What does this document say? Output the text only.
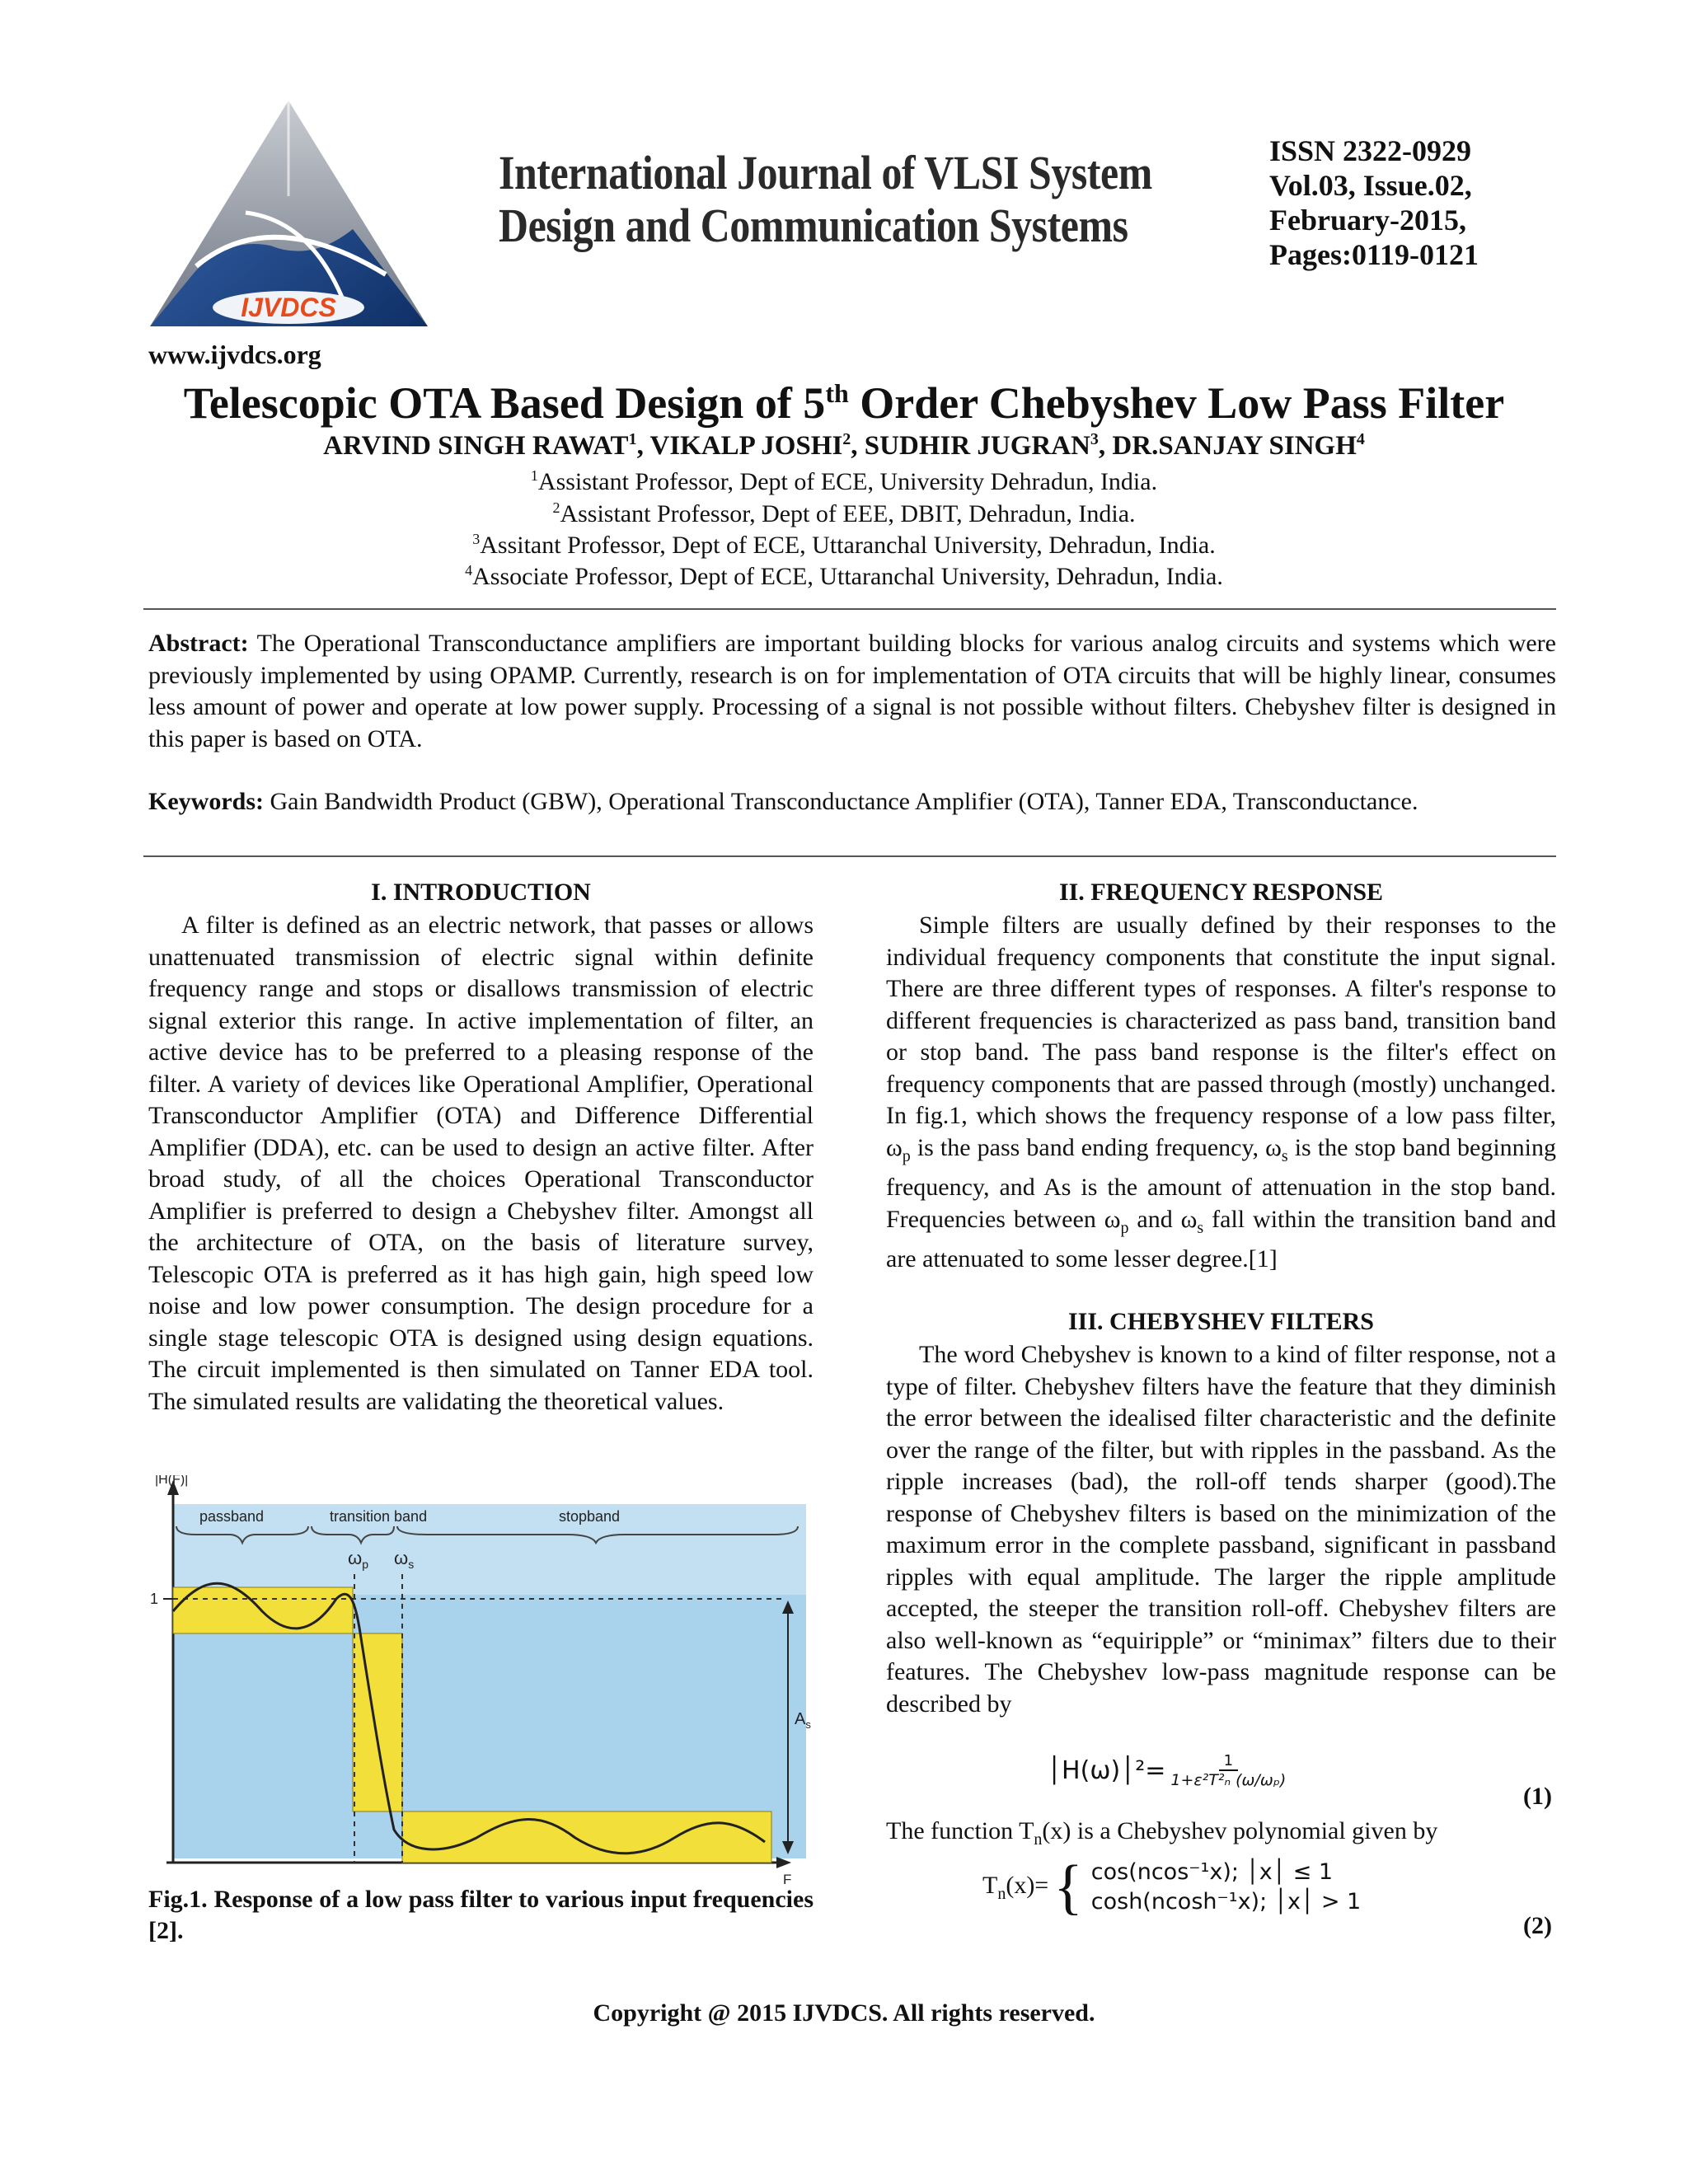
IJVDCS
International Journal of VLSI System
Design and Communication Systems
ISSN 2322-0929
Vol.03, Issue.02,
February-2015,
Pages:0119-0121
www.ijvdcs.org
Telescopic OTA Based Design of 5th Order Chebyshev Low Pass Filter
ARVIND SINGH RAWAT$^1$, VIKALP JOSHI$^2$, SUDHIR JUGRAN$^3$, DR.SANJAY SINGH$^4$
$^1$Assistant Professor, Dept of ECE, University Dehradun, India.
$^2$Assistant Professor, Dept of EEE, DBIT, Dehradun, India.
$^3$Assitant Professor, Dept of ECE, Uttaranchal University, Dehradun, India.
$^4$Associate Professor, Dept of ECE, Uttaranchal University, Dehradun, India.
Abstract: The Operational Transconductance amplifiers are important building blocks for various analog circuits and systems which were previously implemented by using OPAMP. Currently, research is on for implementation of OTA circuits that will be highly linear, consumes less amount of power and operate at low power supply. Processing of a signal is not possible without filters. Chebyshev filter is designed in this paper is based on OTA.
Keywords: Gain Bandwidth Product (GBW), Operational Transconductance Amplifier (OTA), Tanner EDA, Transconductance.
I. INTRODUCTION
A filter is defined as an electric network, that passes or allows unattenuated transmission of electric signal within definite frequency range and stops or disallows transmission of electric signal exterior this range. In active implementation of filter, an active device has to be preferred to a pleasing response of the filter. A variety of devices like Operational Amplifier, Operational Transconductor Amplifier (OTA) and Difference Differential Amplifier (DDA), etc. can be used to design an active filter. After broad study, of all the choices Operational Transconductor Amplifier is preferred to design a Chebyshev filter. Amongst all the architecture of OTA, on the basis of literature survey, Telescopic OTA is preferred as it has high gain, high speed low noise and low power consumption. The design procedure for a single stage telescopic OTA is designed using design equations. The circuit implemented is then simulated on Tanner EDA tool. The simulated results are validating the theoretical values.
|H(F)|
F
passband	transition band	stopband
$\omega_p$ $\omega_s$
1
$A_s$
Fig.1. Response of a low pass filter to various input frequencies [2].
II. FREQUENCY RESPONSE
Simple filters are usually defined by their responses to the individual frequency components that constitute the input signal. There are three different types of responses. A filter's response to different frequencies is characterized as pass band, transition band or stop band. The pass band response is the filter's effect on frequency components that are passed through (mostly) unchanged. In fig.1, which shows the frequency response of a low pass filter, $\omega_p$ is the pass band ending frequency, $\omega_s$ is the stop band beginning frequency, and As is the amount of attenuation in the stop band. Frequencies between $\omega_p$ and $\omega_s$ fall within the transition band and are attenuated to some lesser degree.[1]
III. CHEBYSHEV FILTERS
The word Chebyshev is known to a kind of filter response, not a type of filter. Chebyshev filters have the feature that they diminish the error between the idealised filter characteristic and the definite over the range of the filter, but with ripples in the passband. As the ripple increases (bad), the roll-off tends sharper (good).The response of Chebyshev filters is based on the minimization of the maximum error in the complete passband, significant in passband ripples with equal amplitude. The larger the ripple amplitude accepted, the steeper the transition roll-off. Chebyshev filters are also well-known as “equiripple” or “minimax” filters due to their features. The Chebyshev low-pass magnitude response can be described by
│H(ω)│²= $\frac{1}{\text{1+ε²T²ₙ (ω/ωₚ)}}$
(1)
The function $T_n(x)$ is a Chebyshev polynomial given by
$T_n(x)=$ { cos(ncos⁻¹x); │x│ ≤ 1
cosh(ncosh⁻¹x); │x│ > 1
(2)
Copyright @ 2015 IJVDCS. All rights reserved.
